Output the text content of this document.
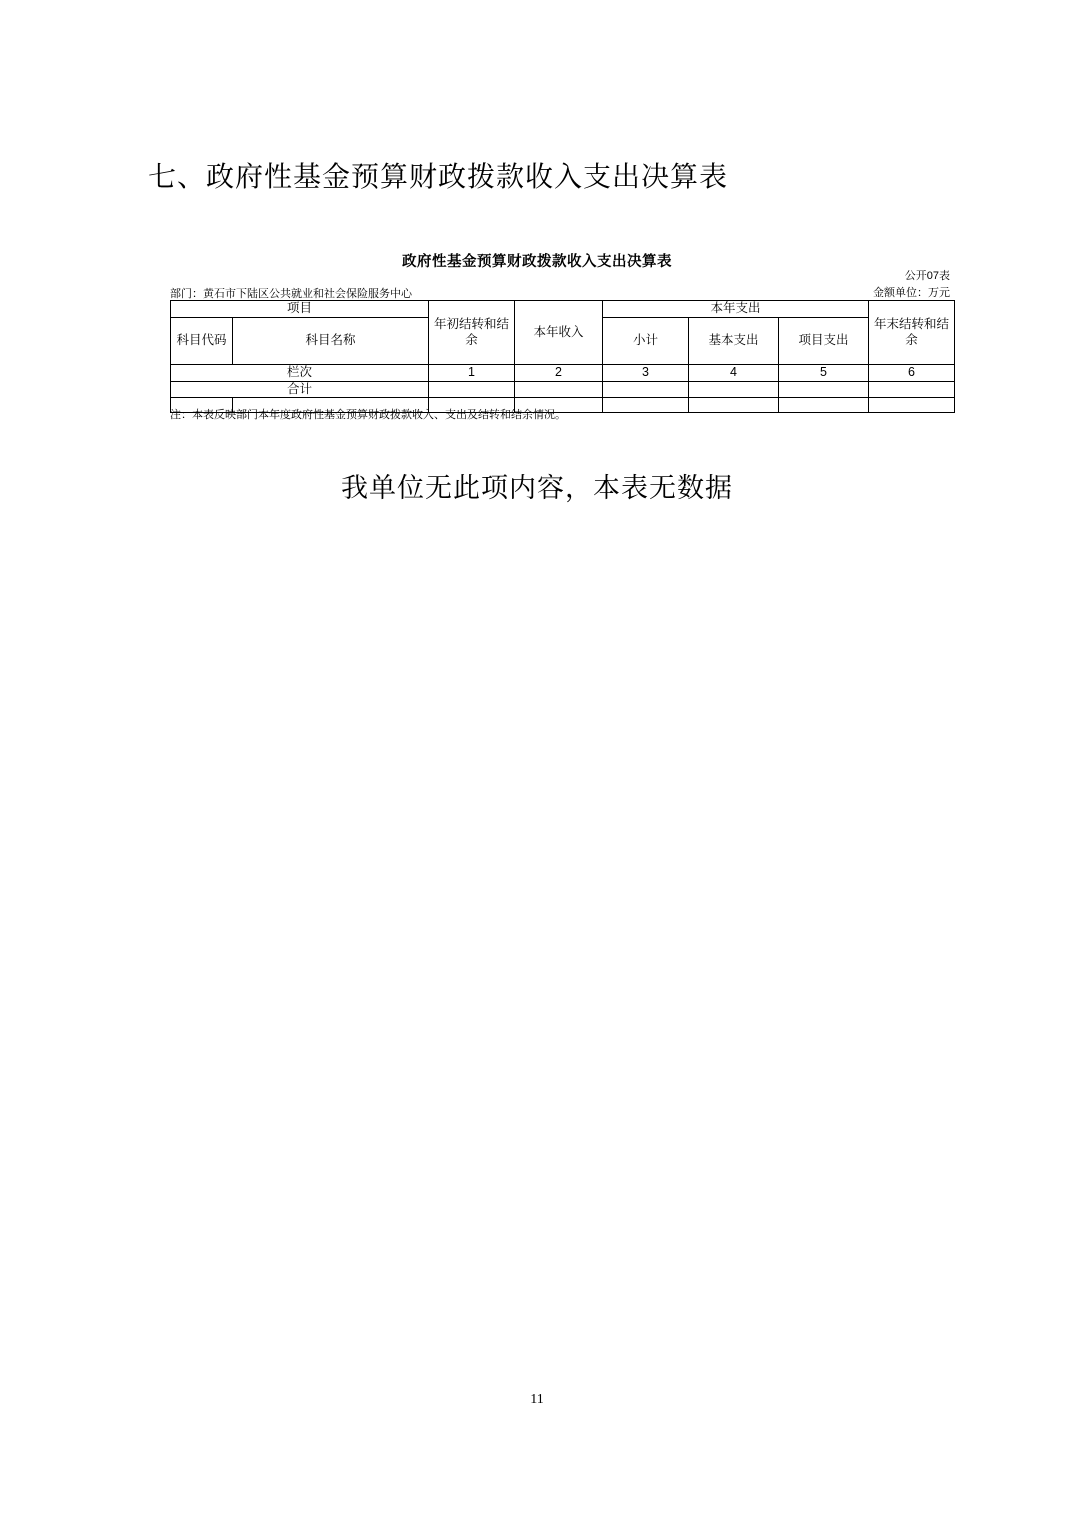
七、政府性基金预算财政拨款收入支出决算表
政府性基金预算财政拨款收入支出决算表
公开07表
金额单位：万元
部门：黄石市下陆区公共就业和社会保险服务中心
项目		年初结转和结余	本年收入	本年支出			年末结转和结余
科目代码	科目名称			小计	基本支出	项目支出	
栏次		1	2	3	4	5	6
合计							

注：本表反映部门本年度政府性基金预算财政拨款收入、支出及结转和结余情况。
我单位无此项内容，本表无数据
11
